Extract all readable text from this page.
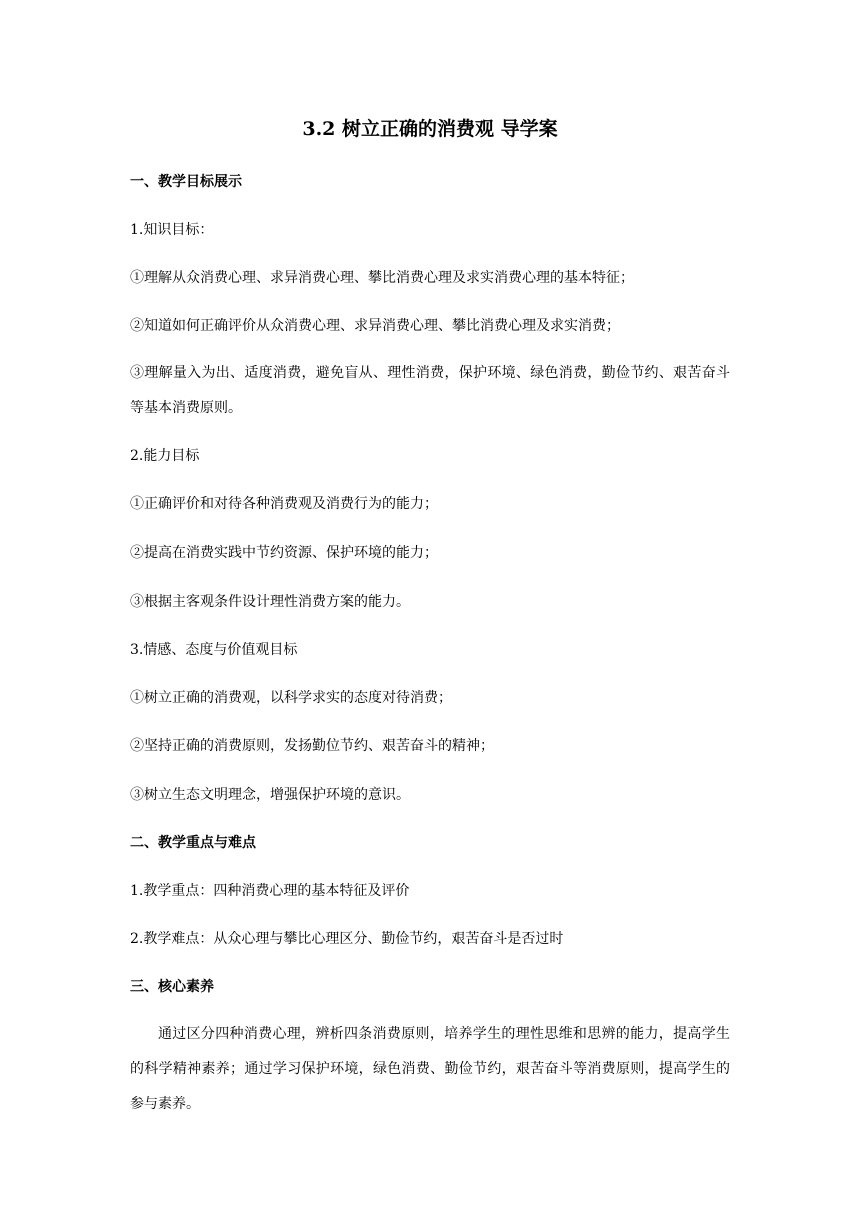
3.2 树立正确的消费观 导学案
一、教学目标展示
1.知识目标：
①理解从众消费心理、求异消费心理、攀比消费心理及求实消费心理的基本特征；
②知道如何正确评价从众消费心理、求异消费心理、攀比消费心理及求实消费；
③理解量入为出、适度消费，避免盲从、理性消费，保护环境、绿色消费，勤俭节约、艰苦奋斗等基本消费原则。
2.能力目标
①正确评价和对待各种消费观及消费行为的能力；
②提高在消费实践中节约资源、保护环境的能力；
③根据主客观条件设计理性消费方案的能力。
3.情感、态度与价值观目标
①树立正确的消费观，以科学求实的态度对待消费；
②坚持正确的消费原则，发扬勤位节约、艰苦奋斗的精神；
③树立生态文明理念，增强保护环境的意识。
二、教学重点与难点
1.教学重点：四种消费心理的基本特征及评价
2.教学难点：从众心理与攀比心理区分、勤俭节约，艰苦奋斗是否过时
三、核心素养
通过区分四种消费心理，辨析四条消费原则，培养学生的理性思维和思辨的能力，提高学生的科学精神素养；通过学习保护环境，绿色消费、勤俭节约，艰苦奋斗等消费原则，提高学生的参与素养。
